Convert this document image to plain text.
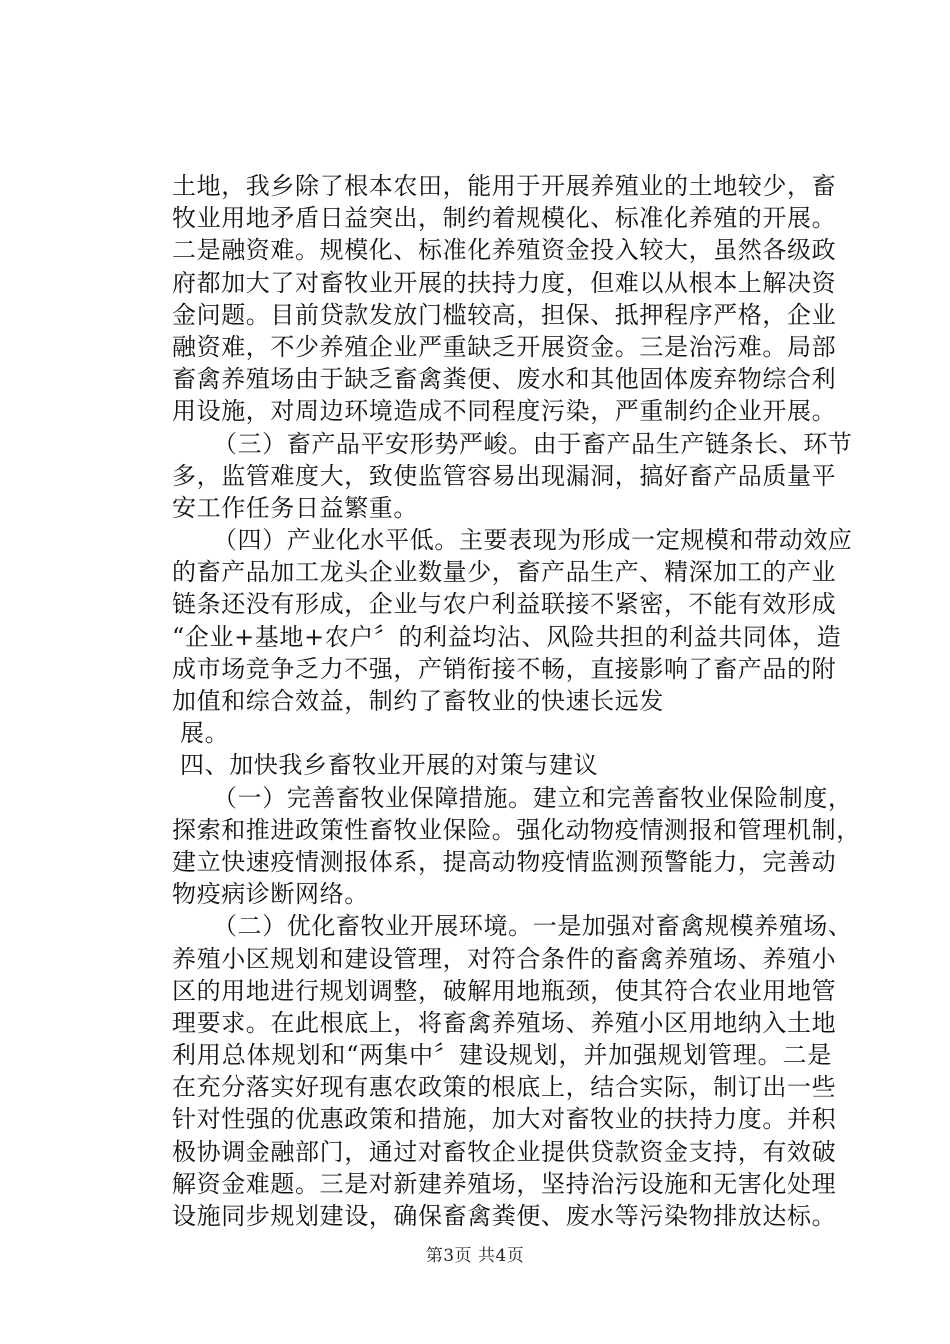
土地，我乡除了根本农田，能用于开展养殖业的土地较少，畜
牧业用地矛盾日益突出，制约着规模化、标准化养殖的开展。
二是融资难。规模化、标准化养殖资金投入较大，虽然各级政
府都加大了对畜牧业开展的扶持力度，但难以从根本上解决资
金问题。目前贷款发放门槛较高，担保、抵押程序严格，企业
融资难，不少养殖企业严重缺乏开展资金。三是治污难。局部
畜禽养殖场由于缺乏畜禽粪便、废水和其他固体废弃物综合利
用设施，对周边环境造成不同程度污染，严重制约企业开展。
（三）畜产品平安形势严峻。由于畜产品生产链条长、环节
多，监管难度大，致使监管容易出现漏洞，搞好畜产品质量平
安工作任务日益繁重。
（四）产业化水平低。主要表现为形成一定规模和带动效应
的畜产品加工龙头企业数量少，畜产品生产、精深加工的产业
链条还没有形成，企业与农户利益联接不紧密，不能有效形成
“企业+基地+农户〞的利益均沾、风险共担的利益共同体，造
成市场竞争乏力不强，产销衔接不畅，直接影响了畜产品的附
加值和综合效益，制约了畜牧业的快速长远发
展。
四、加快我乡畜牧业开展的对策与建议
（一）完善畜牧业保障措施。建立和完善畜牧业保险制度，
探索和推进政策性畜牧业保险。强化动物疫情测报和管理机制，
建立快速疫情测报体系，提高动物疫情监测预警能力，完善动
物疫病诊断网络。
（二）优化畜牧业开展环境。一是加强对畜禽规模养殖场、
养殖小区规划和建设管理，对符合条件的畜禽养殖场、养殖小
区的用地进行规划调整，破解用地瓶颈，使其符合农业用地管
理要求。在此根底上，将畜禽养殖场、养殖小区用地纳入土地
利用总体规划和“两集中〞建设规划，并加强规划管理。二是
在充分落实好现有惠农政策的根底上，结合实际，制订出一些
针对性强的优惠政策和措施，加大对畜牧业的扶持力度。并积
极协调金融部门，通过对畜牧企业提供贷款资金支持，有效破
解资金难题。三是对新建养殖场，坚持治污设施和无害化处理
设施同步规划建设，确保畜禽粪便、废水等污染物排放达标。
第3页 共4页
